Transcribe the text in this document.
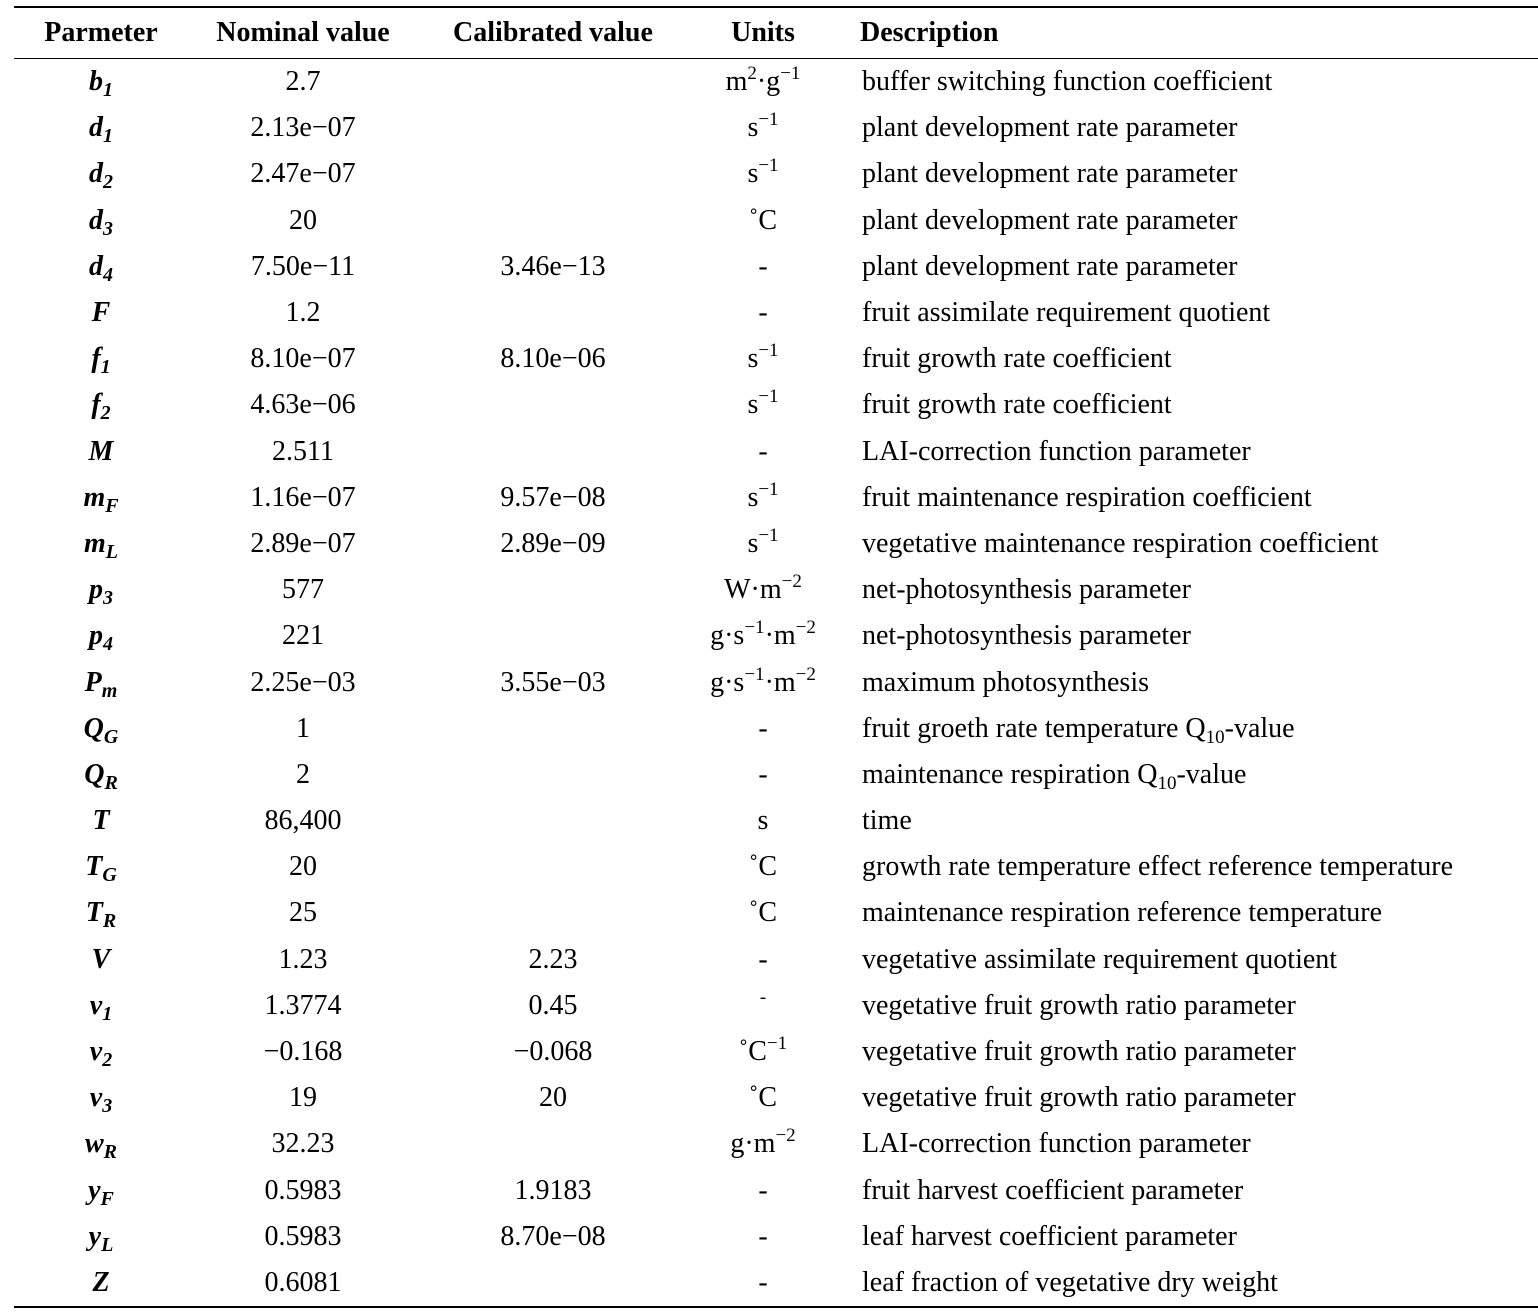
Parmeter	Nominal value	Calibrated value	Units	Description
$b_1$	2.7		$m^2\cdot g^{-1}$	buffer switching function coefficient
$d_1$	2.13e−07		$s^{-1}$	plant development rate parameter
$d_2$	2.47e−07		$s^{-1}$	plant development rate parameter
$d_3$	20		˚C	plant development rate parameter
$d_4$	7.50e−11	3.46e−13	-	plant development rate parameter
F	1.2		-	fruit assimilate requirement quotient
$f_1$	8.10e−07	8.10e−06	$s^{-1}$	fruit growth rate coefficient
$f_2$	4.63e−06		$s^{-1}$	fruit growth rate coefficient
M	2.511		-	LAI-correction function parameter
$m_F$	1.16e−07	9.57e−08	$s^{-1}$	fruit maintenance respiration coefficient
$m_L$	2.89e−07	2.89e−09	$s^{-1}$	vegetative maintenance respiration coefficient
$p_3$	577		$W\cdot m^{-2}$	net-photosynthesis parameter
$p_4$	221		$g\cdot s^{-1}\cdot m^{-2}$	net-photosynthesis parameter
$P_m$	2.25e−03	3.55e−03	$g\cdot s^{-1}\cdot m^{-2}$	maximum photosynthesis
$Q_G$	1		-	fruit groeth rate temperature $Q_{10}$-value
$Q_R$	2		-	maintenance respiration $Q_{10}$-value
T	86,400		s	time
$T_G$	20		˚C	growth rate temperature effect reference temperature
$T_R$	25		˚C	maintenance respiration reference temperature
V	1.23	2.23	-	vegetative assimilate requirement quotient
$v_1$	1.3774	0.45	-	vegetative fruit growth ratio parameter
$v_2$	−0.168	−0.068	$˚C^{-1}$	vegetative fruit growth ratio parameter
$v_3$	19	20	˚C	vegetative fruit growth ratio parameter
$w_R$	32.23		$g\cdot m^{-2}$	LAI-correction function parameter
$y_F$	0.5983	1.9183	-	fruit harvest coefficient parameter
$y_L$	0.5983	8.70e−08	-	leaf harvest coefficient parameter
Z	0.6081		-	leaf fraction of vegetative dry weight
